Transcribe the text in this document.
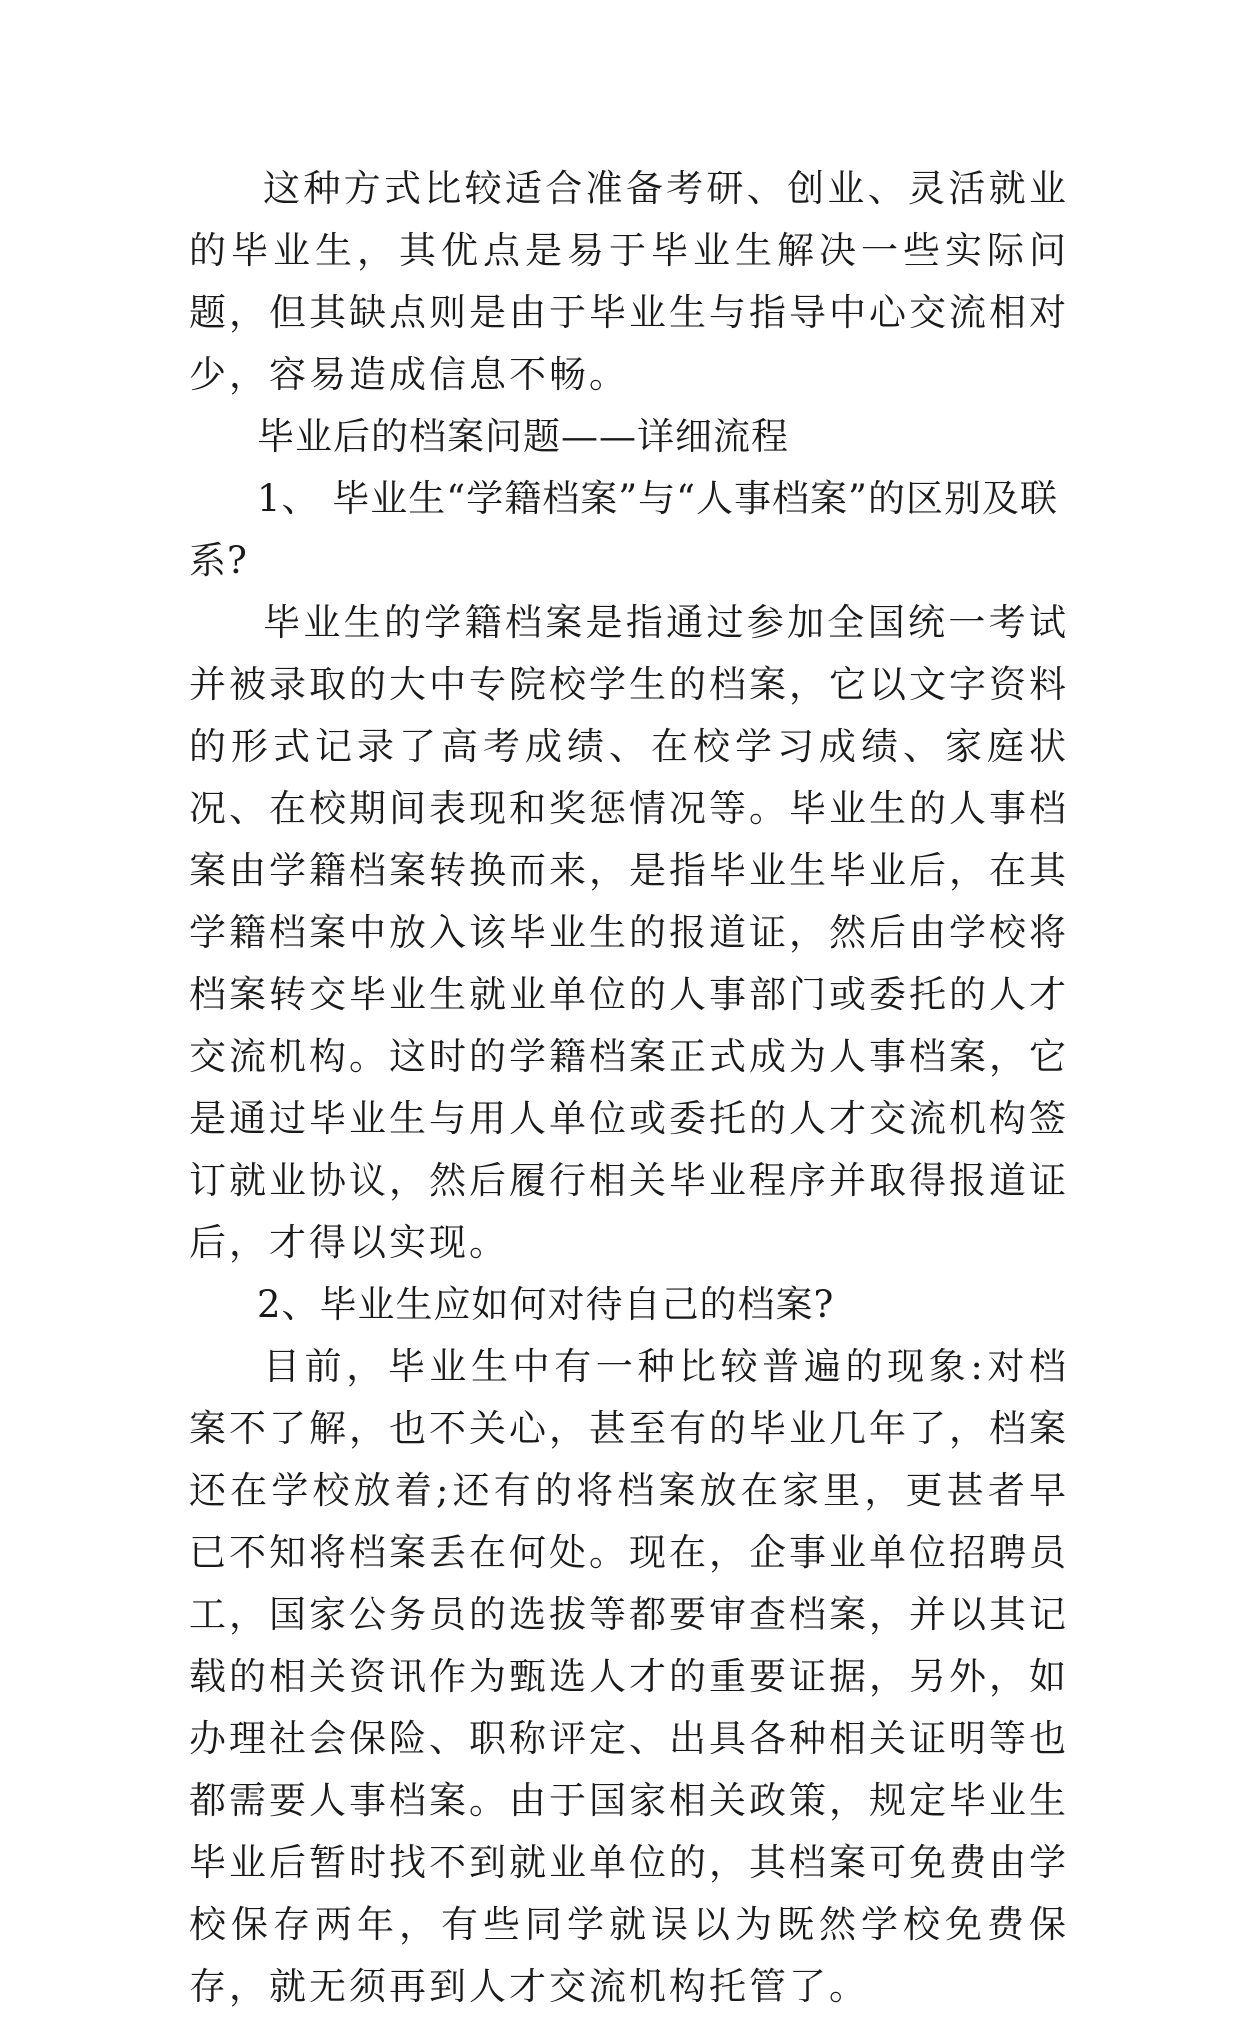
这种方式比较适合准备考研、创业、灵活就业的毕业生，其优点是易于毕业生解决一些实际问题，但其缺点则是由于毕业生与指导中心交流相对少，容易造成信息不畅。

毕业后的档案问题——详细流程

1、 毕业生“学籍档案”与“人事档案”的区别及联系?

毕业生的学籍档案是指通过参加全国统一考试并被录取的大中专院校学生的档案，它以文字资料的形式记录了高考成绩、在校学习成绩、家庭状况、在校期间表现和奖惩情况等。毕业生的人事档案由学籍档案转换而来，是指毕业生毕业后，在其学籍档案中放入该毕业生的报道证，然后由学校将档案转交毕业生就业单位的人事部门或委托的人才交流机构。这时的学籍档案正式成为人事档案，它是通过毕业生与用人单位或委托的人才交流机构签订就业协议，然后履行相关毕业程序并取得报道证后，才得以实现。

2、毕业生应如何对待自己的档案?

目前，毕业生中有一种比较普遍的现象:对档案不了解，也不关心，甚至有的毕业几年了，档案还在学校放着;还有的将档案放在家里，更甚者早已不知将档案丢在何处。现在，企事业单位招聘员工，国家公务员的选拔等都要审查档案，并以其记载的相关资讯作为甄选人才的重要证据，另外，如办理社会保险、职称评定、出具各种相关证明等也都需要人事档案。由于国家相关政策，规定毕业生毕业后暂时找不到就业单位的，其档案可免费由学校保存两年，有些同学就误以为既然学校免费保存，就无须再到人才交流机构托管了。
